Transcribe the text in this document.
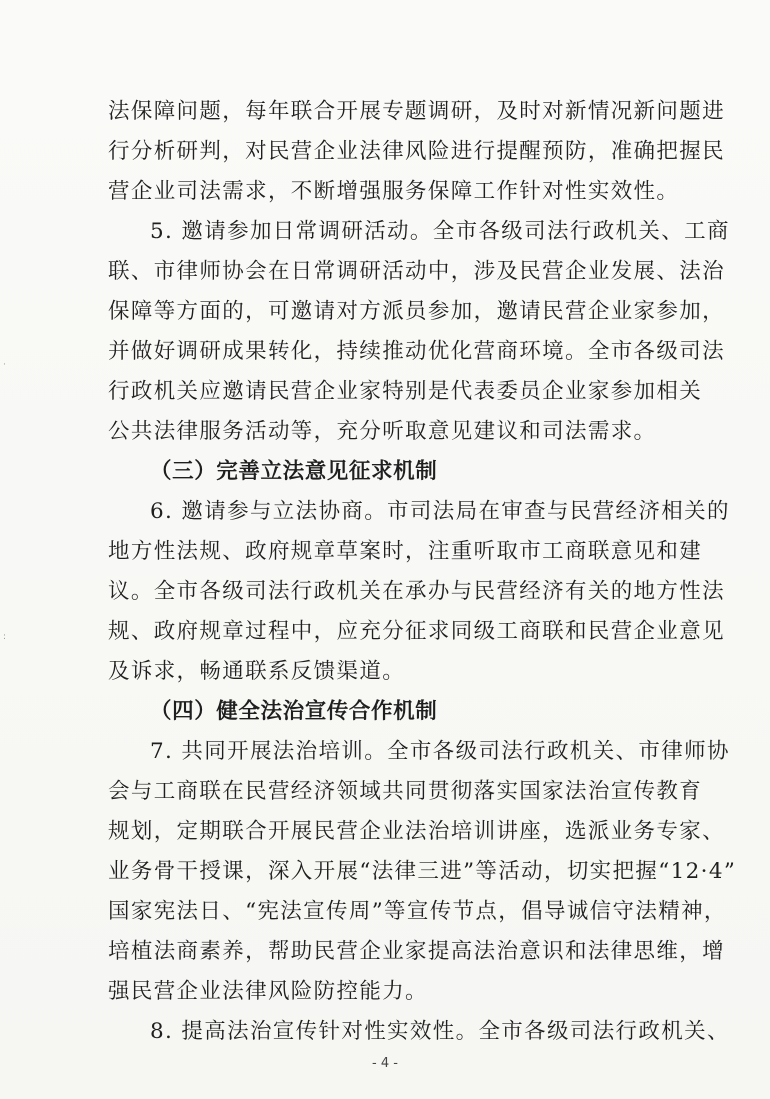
·
:
法保障问题，每年联合开展专题调研，及时对新情况新问题进
行分析研判，对民营企业法律风险进行提醒预防，准确把握民
营企业司法需求，不断增强服务保障工作针对性实效性。
5. 邀请参加日常调研活动。全市各级司法行政机关、工商
联、市律师协会在日常调研活动中，涉及民营企业发展、法治
保障等方面的，可邀请对方派员参加，邀请民营企业家参加，
并做好调研成果转化，持续推动优化营商环境。全市各级司法
行政机关应邀请民营企业家特别是代表委员企业家参加相关
公共法律服务活动等，充分听取意见建议和司法需求。
（三）完善立法意见征求机制
6. 邀请参与立法协商。市司法局在审查与民营经济相关的
地方性法规、政府规章草案时，注重听取市工商联意见和建
议。全市各级司法行政机关在承办与民营经济有关的地方性法
规、政府规章过程中，应充分征求同级工商联和民营企业意见
及诉求，畅通联系反馈渠道。
（四）健全法治宣传合作机制
7. 共同开展法治培训。全市各级司法行政机关、市律师协
会与工商联在民营经济领域共同贯彻落实国家法治宣传教育
规划，定期联合开展民营企业法治培训讲座，选派业务专家、
业务骨干授课，深入开展“法律三进”等活动，切实把握“12·4”
国家宪法日、“宪法宣传周”等宣传节点，倡导诚信守法精神，
培植法商素养，帮助民营企业家提高法治意识和法律思维，增
强民营企业法律风险防控能力。
8. 提高法治宣传针对性实效性。全市各级司法行政机关、
- 4 -
